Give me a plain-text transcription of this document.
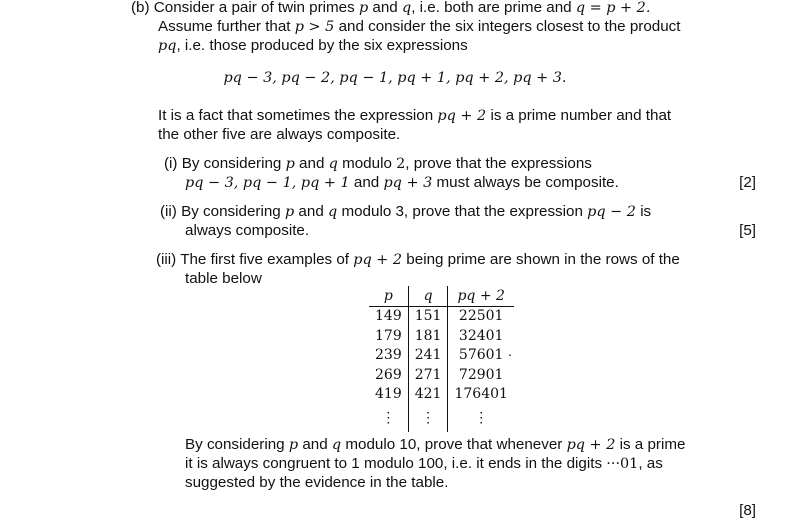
(b) Consider a pair of twin primes p and q, i.e. both are prime and q = p + 2.
Assume further that p > 5 and consider the six integers closest to the product
pq, i.e. those produced by the six expressions
pq − 3, pq − 2, pq − 1, pq + 1, pq + 2, pq + 3.
It is a fact that sometimes the expression pq + 2 is a prime number and that
the other five are always composite.
(i) By considering p and q modulo 2, prove that the expressions
pq − 3, pq − 1, pq + 1 and pq + 3 must always be composite.	[2]
(ii) By considering p and q modulo 3, prove that the expression pq − 2 is
always composite.	[5]
(iii) The first five examples of pq + 2 being prime are shown in the rows of the
table below
p	q	pq + 2
149	151	22501
179	181	32401
239	241	57601
269	271	72901
419	421	176401
⋮	⋮	⋮
.
By considering p and q modulo 10, prove that whenever pq + 2 is a prime
it is always congruent to 1 modulo 100, i.e. it ends in the digits ···01, as
suggested by the evidence in the table.
[8]
